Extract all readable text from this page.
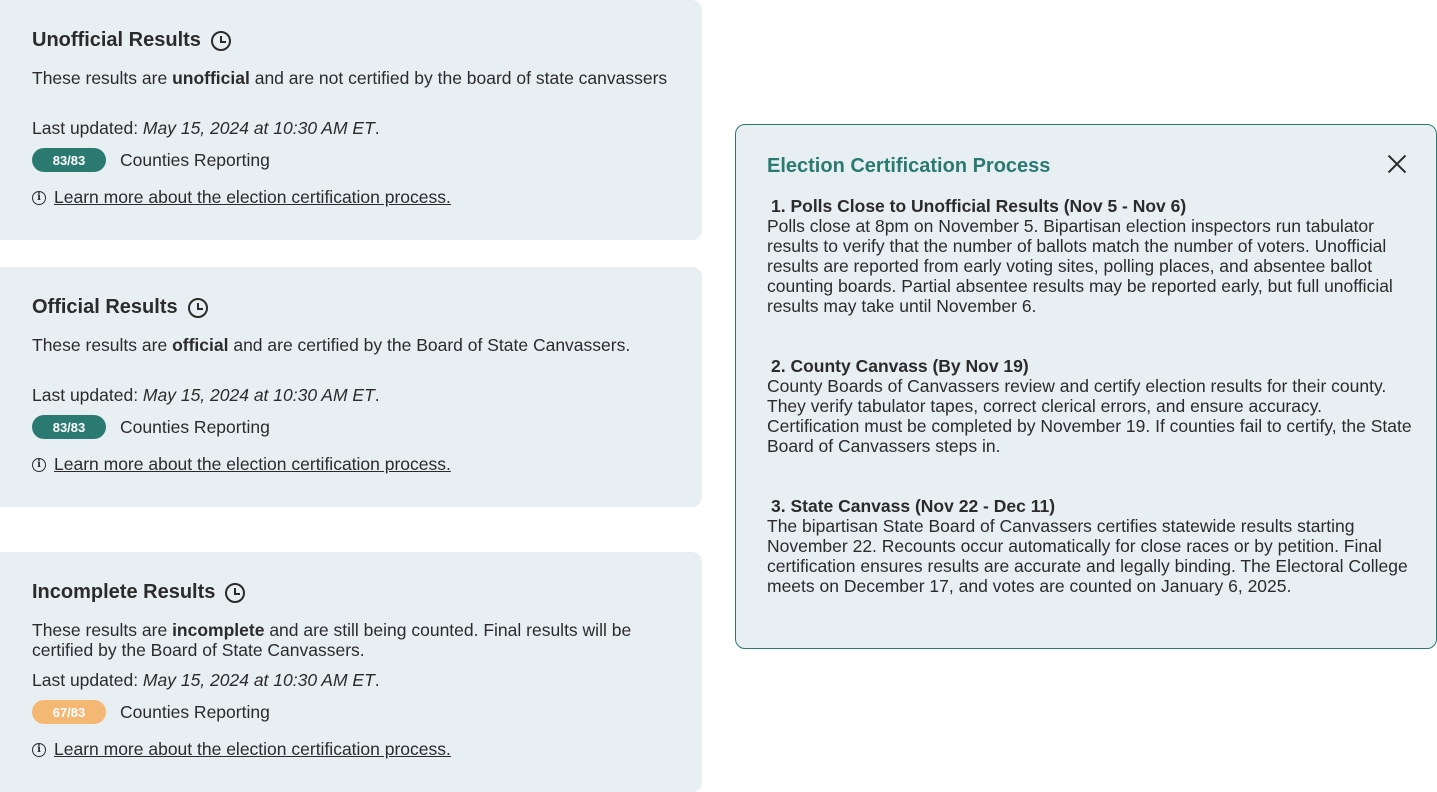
Unofficial Results
These results are unofficial and are not certified by the board of state canvassers
Last updated: May 15, 2024 at 10:30 AM ET.
83/83	Counties Reporting
i Learn more about the election certification process.
Official Results
These results are official and are certified by the Board of State Canvassers.
Last updated: May 15, 2024 at 10:30 AM ET.
83/83	Counties Reporting
i Learn more about the election certification process.
Incomplete Results
These results are incomplete and are still being counted. Final results will be certified by the Board of State Canvassers.
Last updated: May 15, 2024 at 10:30 AM ET.
67/83	Counties Reporting
i Learn more about the election certification process.
Election Certification Process
1. Polls Close to Unofficial Results (Nov 5 - Nov 6)
Polls close at 8pm on November 5. Bipartisan election inspectors run tabulator results to verify that the number of ballots match the number of voters. Unofficial results are reported from early voting sites, polling places, and absentee ballot counting boards. Partial absentee results may be reported early, but full unofficial results may take until November 6.
2. County Canvass (By Nov 19)
County Boards of Canvassers review and certify election results for their county.
They verify tabulator tapes, correct clerical errors, and ensure accuracy. Certification must be completed by November 19. If counties fail to certify, the State Board of Canvassers steps in.
3. State Canvass (Nov 22 - Dec 11)
The bipartisan State Board of Canvassers certifies statewide results starting November 22. Recounts occur automatically for close races or by petition. Final certification ensures results are accurate and legally binding. The Electoral College meets on December 17, and votes are counted on January 6, 2025.
